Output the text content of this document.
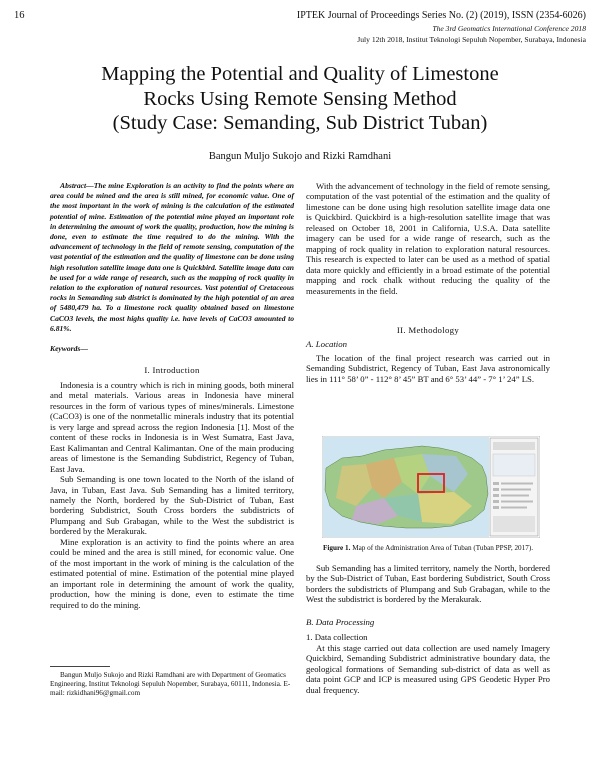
16	IPTEK Journal of Proceedings Series No. (2) (2019), ISSN (2354-6026)
The 3rd Geomatics International Conference 2018
July 12th 2018, Institut Teknologi Sepuluh Nopember, Surabaya, Indonesia
Mapping the Potential and Quality of Limestone
Rocks Using Remote Sensing Method
(Study Case: Semanding, Sub District Tuban)
Bangun Muljo Sukojo and Rizki Ramdhani

Abstract—The mine Exploration is an activity to find the points where an area could be mined and the area is still mined, for economic value. One of the most important in the work of mining is the calculation of the estimated potential of mine. Estimation of the potential mine played an important role in determining the amount of work the quality, production, how the mining is done, even to estimate the time required to do the mining. With the advancement of technology in the field of remote sensing, computation of the vast potential of the estimation and the quality of limestone can be done using high resolution satellite image data one is Quickbird. Satellite image data can be used for a wide range of research, such as the mapping of rock quality in relation to the exploration of natural resources. Vast potential of Cretaceous rocks in Semanding sub district is dominated by the high potential of an area of 5480,479 ha. To a limestone rock quality obtained based on limestone CaCO3 levels, the most highs quality i.e. have levels of CaCO3 amounted to 6.81%.

Keywords—
I. Introduction

Indonesia is a country which is rich in mining goods, both mineral and metal materials. Various areas in Indonesia have mineral resources in the form of various types of mines/minerals. Limestone (CaCO3) is one of the nonmetallic minerals industry that its potential is very large and spread across the region Indonesia [1]. Most of the content of these rocks in Indonesia is in West Sumatra, East Java, East Kalimantan and Central Kalimantan. One of the main producing areas of limestone is the Semanding Subdistrict, Regency of Tuban, East Java.

Sub Semanding is one town located to the North of the island of Java, in Tuban, East Java. Sub Semanding has a limited territory, namely the North, bordered by the Sub-District of Tuban, East bordering Subdistrict, South Cross borders the subdistricts of Plumpang and Sub Grabagan, while to the West the subdistrict is bordered by the Merakurak.

Mine exploration is an activity to find the points where an area could be mined and the area is still mined, for economic value. One of the most important in the work of mining is the calculation of the estimated potential of mine. Estimation of the potential mine played an important role in determining the amount of work the quality, production, how the mining is done, even to estimate the time required to do the mining.

Bangun Muljo Sukojo and Rizki Ramdhani are with Department of Geomatics Engineering, Institut Teknologi Sepuluh Nopember, Surabaya, 60111, Indonesia. E-mail: rizkidhani96@gmail.com

With the advancement of technology in the field of remote sensing, computation of the vast potential of the estimation and the quality of limestone can be done using high resolution satellite image data one is Quickbird. Quickbird is a high-resolution satellite image that was released on October 18, 2001 in California, U.S.A. Data satellite imagery can be used for a wide range of research, such as the mapping of rock quality in relation to exploration natural resources. This research is expected to later can be used as a method of spatial data more quickly and efficiently in a broad estimate of the potential mapping and rock chalk without reducing the quality of the measurements in the field.

II. Methodology
A. Location

The location of the final project research was carried out in Semanding Subdistrict, Regency of Tuban, East Java astronomically lies in 111° 58’ 0” - 112° 8’ 45” BT and 6° 53’ 44” - 7° 1’ 24” LS.

Figure 1. Map of the Administration Area of Tuban (Tuban PPSP, 2017).

Sub Semanding has a limited territory, namely the North, bordered by the Sub-District of Tuban, East bordering Subdistrict, South Cross borders the subdistricts of Plumpang and Sub Grabagan, while to the West the subdistrict is bordered by the Merakurak.

B. Data Processing

1. Data collection

At this stage carried out data collection are used namely Imagery Quickbird, Semanding Subdistrict administrative boundary data, the geological formations of Semanding sub-district of data as well as data point GCP and ICP is measured using GPS Geodetic Hyper Pro dual frequency.
